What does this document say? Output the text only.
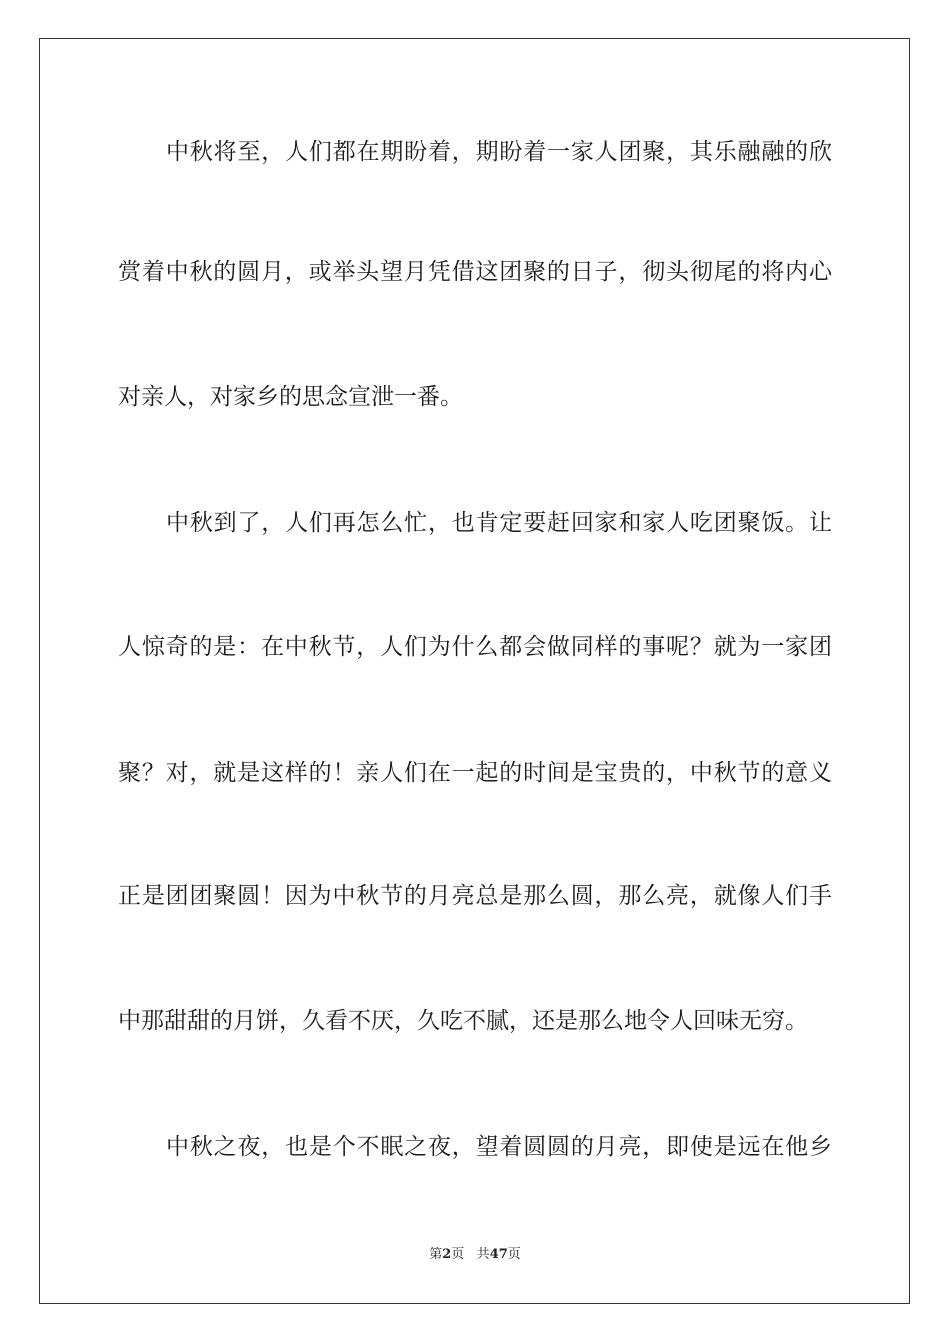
中秋将至，人们都在期盼着，期盼着一家人团聚，其乐融融的欣
赏着中秋的圆月，或举头望月凭借这团聚的日子，彻头彻尾的将内心
对亲人，对家乡的思念宣泄一番。
中秋到了，人们再怎么忙，也肯定要赶回家和家人吃团聚饭。让
人惊奇的是：在中秋节，人们为什么都会做同样的事呢？就为一家团
聚？对，就是这样的！亲人们在一起的时间是宝贵的，中秋节的意义
正是团团聚圆！因为中秋节的月亮总是那么圆，那么亮，就像人们手
中那甜甜的月饼，久看不厌，久吃不腻，还是那么地令人回味无穷。
中秋之夜，也是个不眠之夜，望着圆圆的月亮，即使是远在他乡
第2页 共47页
